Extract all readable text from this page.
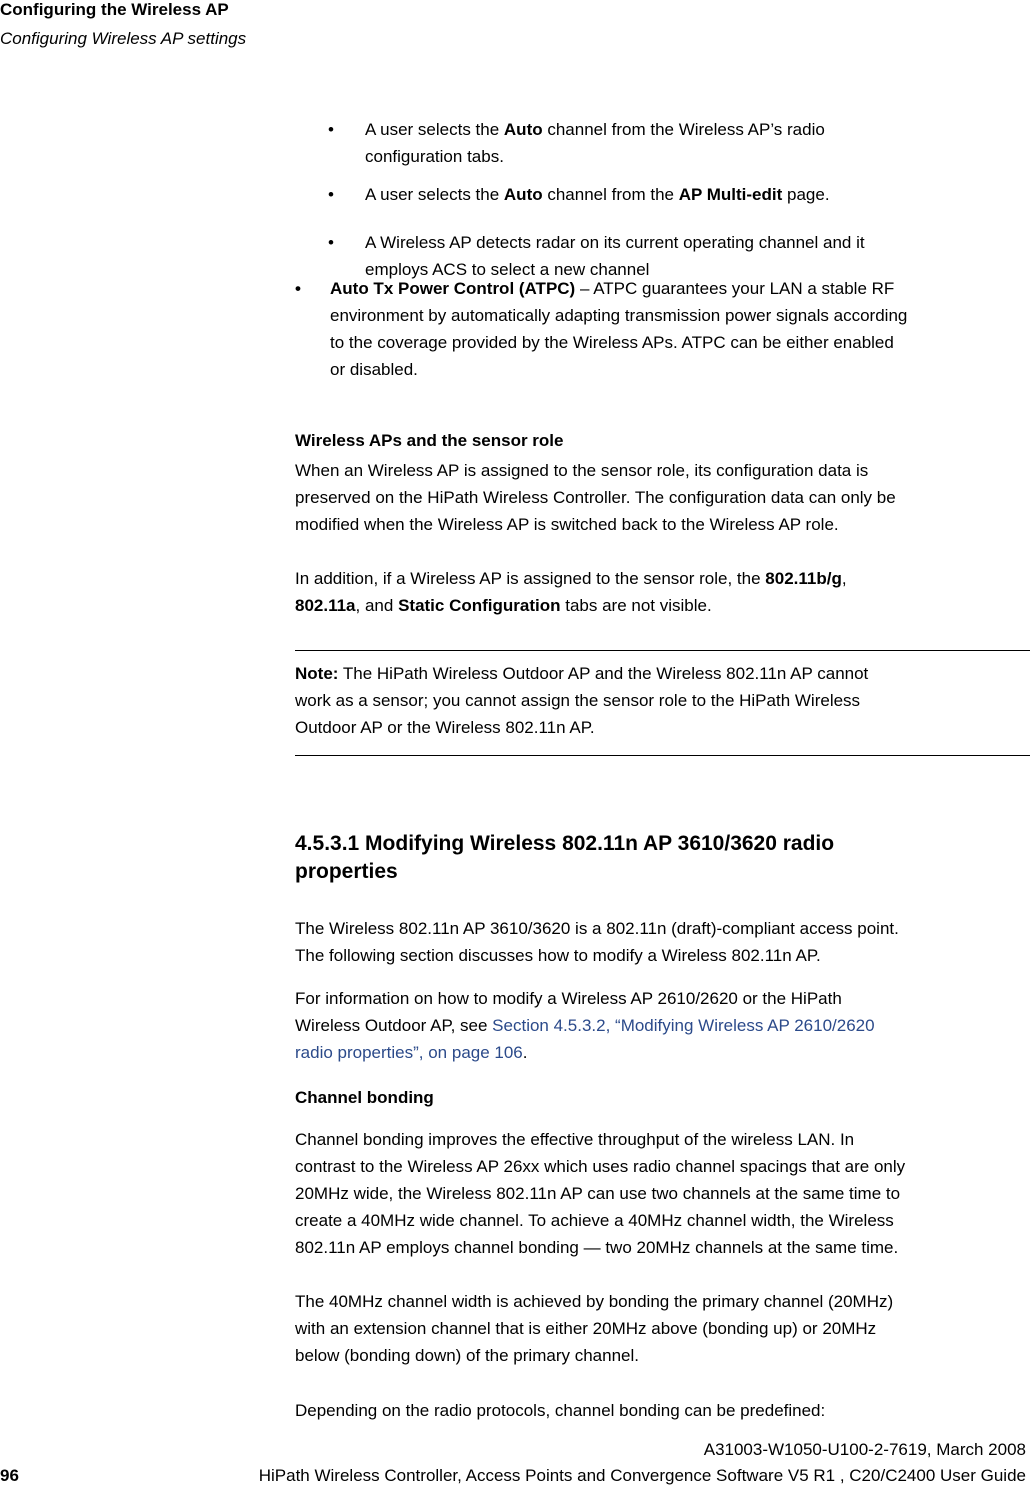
Configuring the Wireless AP
Configuring Wireless AP settings
• A user selects the Auto channel from the Wireless AP’s radio
configuration tabs.
• A user selects the Auto channel from the AP Multi-edit page.
• A Wireless AP detects radar on its current operating channel and it
employs ACS to select a new channel
• Auto Tx Power Control (ATPC) – ATPC guarantees your LAN a stable RF
environment by automatically adapting transmission power signals according
to the coverage provided by the Wireless APs. ATPC can be either enabled
or disabled.
Wireless APs and the sensor role
When an Wireless AP is assigned to the sensor role, its configuration data is
preserved on the HiPath Wireless Controller. The configuration data can only be
modified when the Wireless AP is switched back to the Wireless AP role.
In addition, if a Wireless AP is assigned to the sensor role, the 802.11b/g,
802.11a, and Static Configuration tabs are not visible.
Note: The HiPath Wireless Outdoor AP and the Wireless 802.11n AP cannot
work as a sensor; you cannot assign the sensor role to the HiPath Wireless
Outdoor AP or the Wireless 802.11n AP.
4.5.3.1 Modifying Wireless 802.11n AP 3610/3620 radio
properties
The Wireless 802.11n AP 3610/3620 is a 802.11n (draft)-compliant access point.
The following section discusses how to modify a Wireless 802.11n AP.
For information on how to modify a Wireless AP 2610/2620 or the HiPath
Wireless Outdoor AP, see Section 4.5.3.2, “Modifying Wireless AP 2610/2620
radio properties”, on page 106.
Channel bonding
Channel bonding improves the effective throughput of the wireless LAN. In
contrast to the Wireless AP 26xx which uses radio channel spacings that are only
20MHz wide, the Wireless 802.11n AP can use two channels at the same time to
create a 40MHz wide channel. To achieve a 40MHz channel width, the Wireless
802.11n AP employs channel bonding — two 20MHz channels at the same time.
The 40MHz channel width is achieved by bonding the primary channel (20MHz)
with an extension channel that is either 20MHz above (bonding up) or 20MHz
below (bonding down) of the primary channel.
Depending on the radio protocols, channel bonding can be predefined:
A31003-W1050-U100-2-7619, March 2008
96	HiPath Wireless Controller, Access Points and Convergence Software V5 R1 , C20/C2400 User Guide
